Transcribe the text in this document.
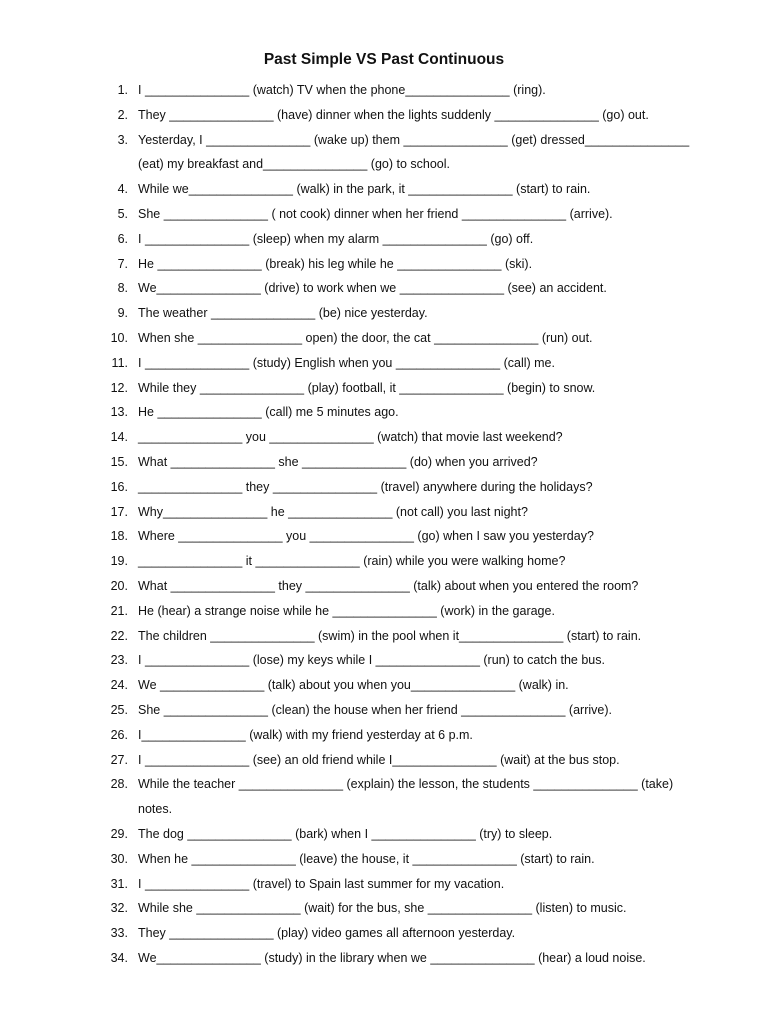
Past Simple VS Past Continuous
1. I _______________ (watch) TV when the phone_______________ (ring).
2. They _______________ (have) dinner when the lights suddenly _______________ (go) out.
3. Yesterday, I _______________ (wake up) them _______________ (get) dressed_______________
(eat) my breakfast and_______________ (go) to school.
4. While we_______________ (walk) in the park, it _______________ (start) to rain.
5. She _______________ ( not cook) dinner when her friend _______________ (arrive).
6. I _______________ (sleep) when my alarm _______________ (go) off.
7. He _______________ (break) his leg while he _______________ (ski).
8. We_______________ (drive) to work when we _______________ (see) an accident.
9. The weather _______________ (be) nice yesterday.
10. When she _______________ open) the door, the cat _______________ (run) out.
11. I _______________ (study) English when you _______________ (call) me.
12. While they _______________ (play) football, it _______________ (begin) to snow.
13. He _______________ (call) me 5 minutes ago.
14. _______________ you _______________ (watch) that movie last weekend?
15. What _______________ she _______________ (do) when you arrived?
16. _______________ they _______________ (travel) anywhere during the holidays?
17. Why_______________ he _______________ (not call) you last night?
18. Where _______________ you _______________ (go) when I saw you yesterday?
19. _______________ it _______________ (rain) while you were walking home?
20. What _______________ they _______________ (talk) about when you entered the room?
21. He (hear) a strange noise while he _______________ (work) in the garage.
22. The children _______________ (swim) in the pool when it_______________ (start) to rain.
23. I _______________ (lose) my keys while I _______________ (run) to catch the bus.
24. We _______________ (talk) about you when you_______________ (walk) in.
25. She _______________ (clean) the house when her friend _______________ (arrive).
26. I_______________ (walk) with my friend yesterday at 6 p.m.
27. I _______________ (see) an old friend while I_______________ (wait) at the bus stop.
28. While the teacher _______________ (explain) the lesson, the students _______________ (take)
notes.
29. The dog _______________ (bark) when I _______________ (try) to sleep.
30. When he _______________ (leave) the house, it _______________ (start) to rain.
31. I _______________ (travel) to Spain last summer for my vacation.
32. While she _______________ (wait) for the bus, she _______________ (listen) to music.
33. They _______________ (play) video games all afternoon yesterday.
34. We_______________ (study) in the library when we _______________ (hear) a loud noise.
